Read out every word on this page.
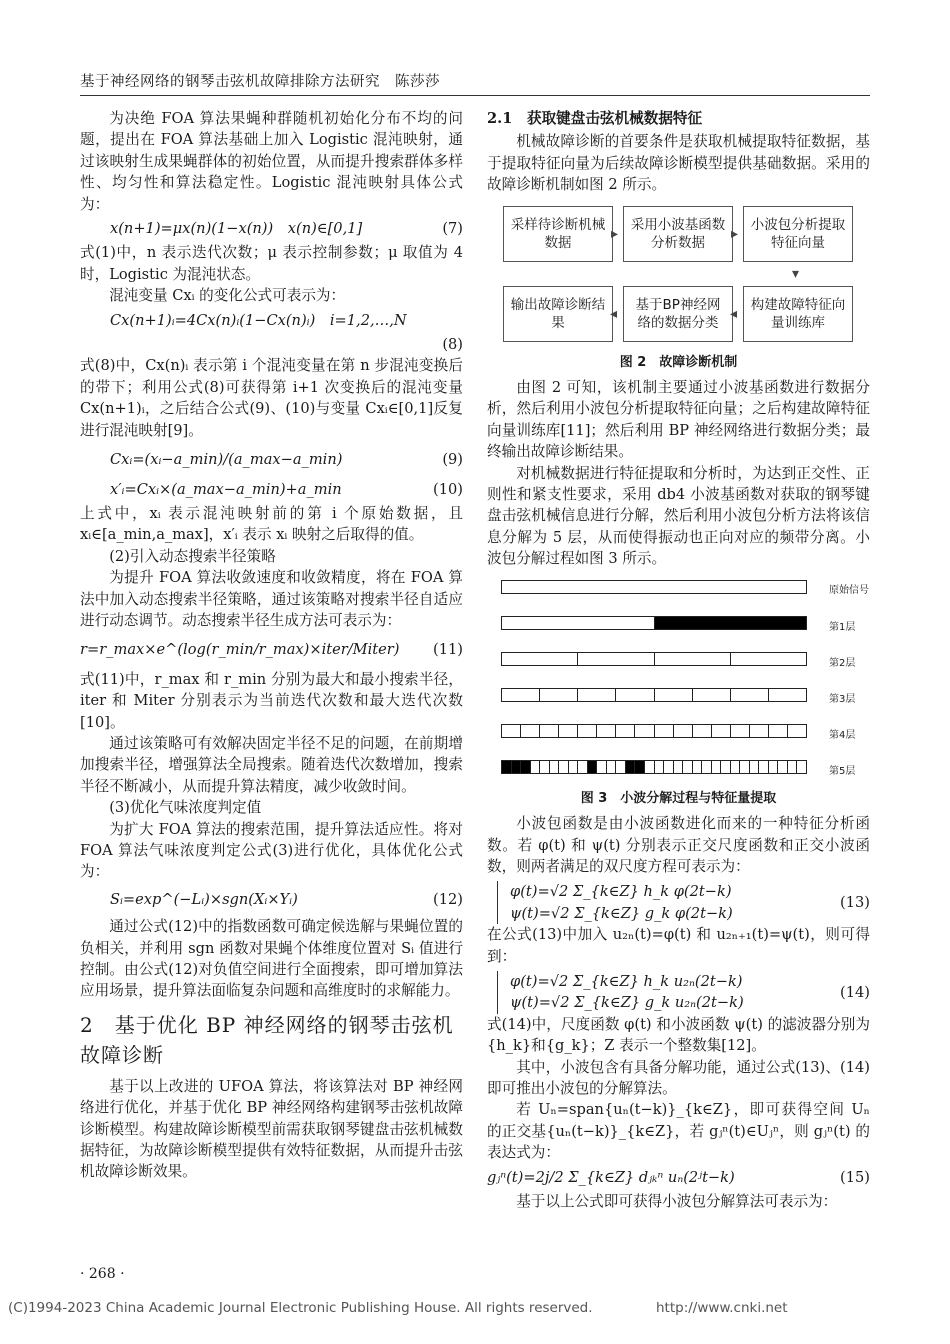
基于神经网络的钢琴击弦机故障排除方法研究　陈莎莎

为决绝 FOA 算法果蝇种群随机初始化分布不均的问题，提出在 FOA 算法基础上加入 Logistic 混沌映射，通过该映射生成果蝇群体的初始位置，从而提升搜索群体多样性、均匀性和算法稳定性。Logistic 混沌映射具体公式为：

x(n+1)=μx(n)(1−x(n))　x(n)∈[0,1]	(7)

式(1)中，n 表示迭代次数；μ 表示控制参数；μ 取值为 4 时，Logistic 为混沌状态。

混沌变量 Cxᵢ 的变化公式可表示为：

Cx(n+1)ᵢ=4Cx(n)ᵢ(1−Cx(n)ᵢ)　i=1,2,…,N
(8)

式(8)中，Cx(n)ᵢ 表示第 i 个混沌变量在第 n 步混沌变换后的带下；利用公式(8)可获得第 i+1 次变换后的混沌变量 Cx(n+1)ᵢ，之后结合公式(9)、(10)与变量 Cxᵢ∈[0,1]反复进行混沌映射[9]。

Cxᵢ=(xᵢ−a_min)/(a_max−a_min)	(9)
x′ᵢ=Cxᵢ×(a_max−a_min)+a_min	(10)

上式中，xᵢ 表示混沌映射前的第 i 个原始数据，且 xᵢ∈[a_min,a_max]，x′ᵢ 表示 xᵢ 映射之后取得的值。

(2)引入动态搜索半径策略

为提升 FOA 算法收敛速度和收敛精度，将在 FOA 算法中加入动态搜索半径策略，通过该策略对搜索半径自适应进行动态调节。动态搜索半径生成方法可表示为：

r=r_max×e^(log(r_min/r_max)×iter/Miter) (11)

式(11)中，r_max 和 r_min 分别为最大和最小搜索半径，iter 和 Miter 分别表示为当前迭代次数和最大迭代次数[10]。

通过该策略可有效解决固定半径不足的问题，在前期增加搜索半径，增强算法全局搜索。随着迭代次数增加，搜索半径不断减小，从而提升算法精度，减少收敛时间。

(3)优化气味浓度判定值

为扩大 FOA 算法的搜索范围，提升算法适应性。将对 FOA 算法气味浓度判定公式(3)进行优化，具体优化公式为：

Sᵢ=exp^(−Lᵢ)×sgn(Xᵢ×Yᵢ)	(12)

通过公式(12)中的指数函数可确定候选解与果蝇位置的负相关，并利用 sgn 函数对果蝇个体维度位置对 Sᵢ 值进行控制。由公式(12)对负值空间进行全面搜索，即可增加算法应用场景，提升算法面临复杂问题和高维度时的求解能力。

2　基于优化 BP 神经网络的钢琴击弦机故障诊断

基于以上改进的 UFOA 算法，将该算法对 BP 神经网络进行优化，并基于优化 BP 神经网络构建钢琴击弦机故障诊断模型。构建故障诊断模型前需获取钢琴键盘击弦机械数据特征，为故障诊断模型提供有效特征数据，从而提升击弦机故障诊断效果。

2.1　获取键盘击弦机械数据特征

机械故障诊断的首要条件是获取机械提取特征数据，基于提取特征向量为后续故障诊断模型提供基础数据。采用的故障诊断机制如图 2 所示。

采样待诊断机械数据
采用小波基函数分析数据
小波包分析提取特征向量
输出故障诊断结果
基于BP神经网络的数据分类
构建故障特征向量训练库
▸	▸
▾
◂
◂
图 2　故障诊断机制

由图 2 可知，该机制主要通过小波基函数进行数据分析，然后利用小波包分析提取特征向量；之后构建故障特征向量训练库[11]；然后利用 BP 神经网络进行数据分类；最终输出故障诊断结果。

对机械数据进行特征提取和分析时，为达到正交性、正则性和紧支性要求，采用 db4 小波基函数对获取的钢琴键盘击弦机械信息进行分解，然后利用小波包分析方法将该信息分解为 5 层，从而使得振动也正向对应的频带分离。小波包分解过程如图 3 所示。

原始信号
第1层
第2层
第3层
第4层
第5层
图 3　小波分解过程与特征量提取

小波包函数是由小波函数进化而来的一种特征分析函数。若 φ(t) 和 ψ(t) 分别表示正交尺度函数和正交小波函数，则两者满足的双尺度方程可表示为：

φ(t)=√2 Σ_{k∈Z} h_k φ(2t−k)
ψ(t)=√2 Σ_{k∈Z} g_k φ(2t−k)
(13)

在公式(13)中加入 u₂ₙ(t)=φ(t) 和 u₂ₙ₊₁(t)=ψ(t)，则可得到：

φ(t)=√2 Σ_{k∈Z} h_k u₂ₙ(2t−k)
ψ(t)=√2 Σ_{k∈Z} g_k u₂ₙ(2t−k)
(14)

式(14)中，尺度函数 φ(t) 和小波函数 ψ(t) 的滤波器分别为{h_k}和{g_k}；Z 表示一个整数集[12]。

其中，小波包含有具备分解功能，通过公式(13)、(14)即可推出小波包的分解算法。

若 Uₙ=span{uₙ(t−k)}_{k∈Z}，即可获得空间 Uₙ 的正交基{uₙ(t−k)}_{k∈Z}，若 gⱼⁿ(t)∈Uⱼⁿ，则 gⱼⁿ(t) 的表达式为：

gⱼⁿ(t)=2j/2 Σ_{k∈Z} dⱼₖⁿ uₙ(2ʲt−k)	(15)

基于以上公式即可获得小波包分解算法可表示为：

· 268 ·
(C)1994-2023 China Academic Journal Electronic Publishing House. All rights reserved.	http://www.cnki.net
